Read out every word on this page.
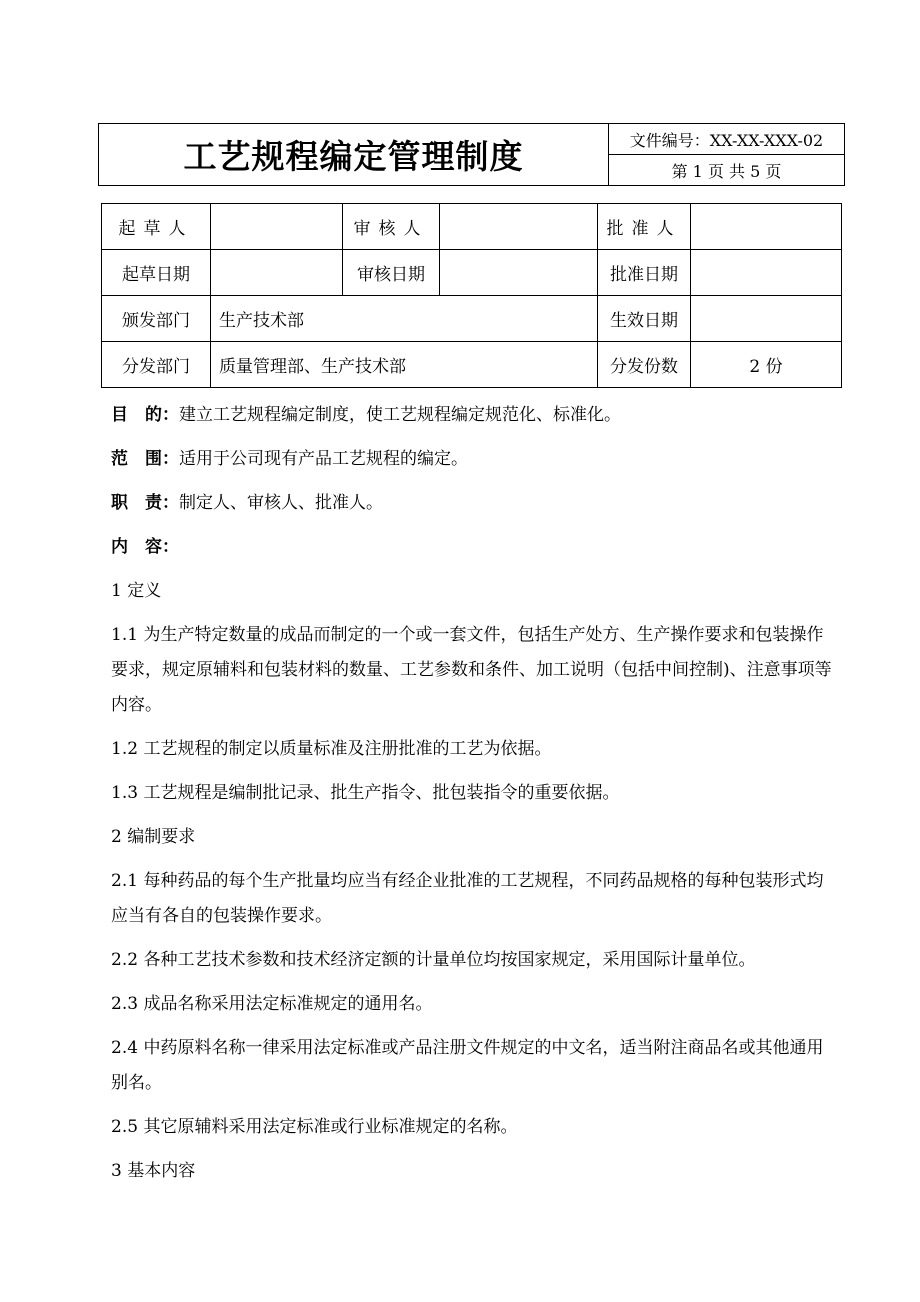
工艺规程编定管理制度	文件编号：XX-XX-XXX-02
第 1 页 共 5 页
起草人		审核人		批准人	
起草日期		审核日期		批准日期	
颁发部门	生产技术部			生效日期	
分发部门	质量管理部、生产技术部			分发份数	2 份

目　的：建立工艺规程编定制度，使工艺规程编定规范化、标准化。

范　围：适用于公司现有产品工艺规程的编定。

职　责：制定人、审核人、批准人。

内　容：

1 定义

1.1 为生产特定数量的成品而制定的一个或一套文件，包括生产处方、生产操作要求和包装操作要求，规定原辅料和包装材料的数量、工艺参数和条件、加工说明（包括中间控制)、注意事项等内容。

1.2 工艺规程的制定以质量标准及注册批准的工艺为依据。

1.3 工艺规程是编制批记录、批生产指令、批包装指令的重要依据。

2 编制要求

2.1 每种药品的每个生产批量均应当有经企业批准的工艺规程，不同药品规格的每种包装形式均应当有各自的包装操作要求。

2.2 各种工艺技术参数和技术经济定额的计量单位均按国家规定，采用国际计量单位。

2.3 成品名称采用法定标准规定的通用名。

2.4 中药原料名称一律采用法定标准或产品注册文件规定的中文名，适当附注商品名或其他通用别名。

2.5 其它原辅料采用法定标准或行业标准规定的名称。

3 基本内容
